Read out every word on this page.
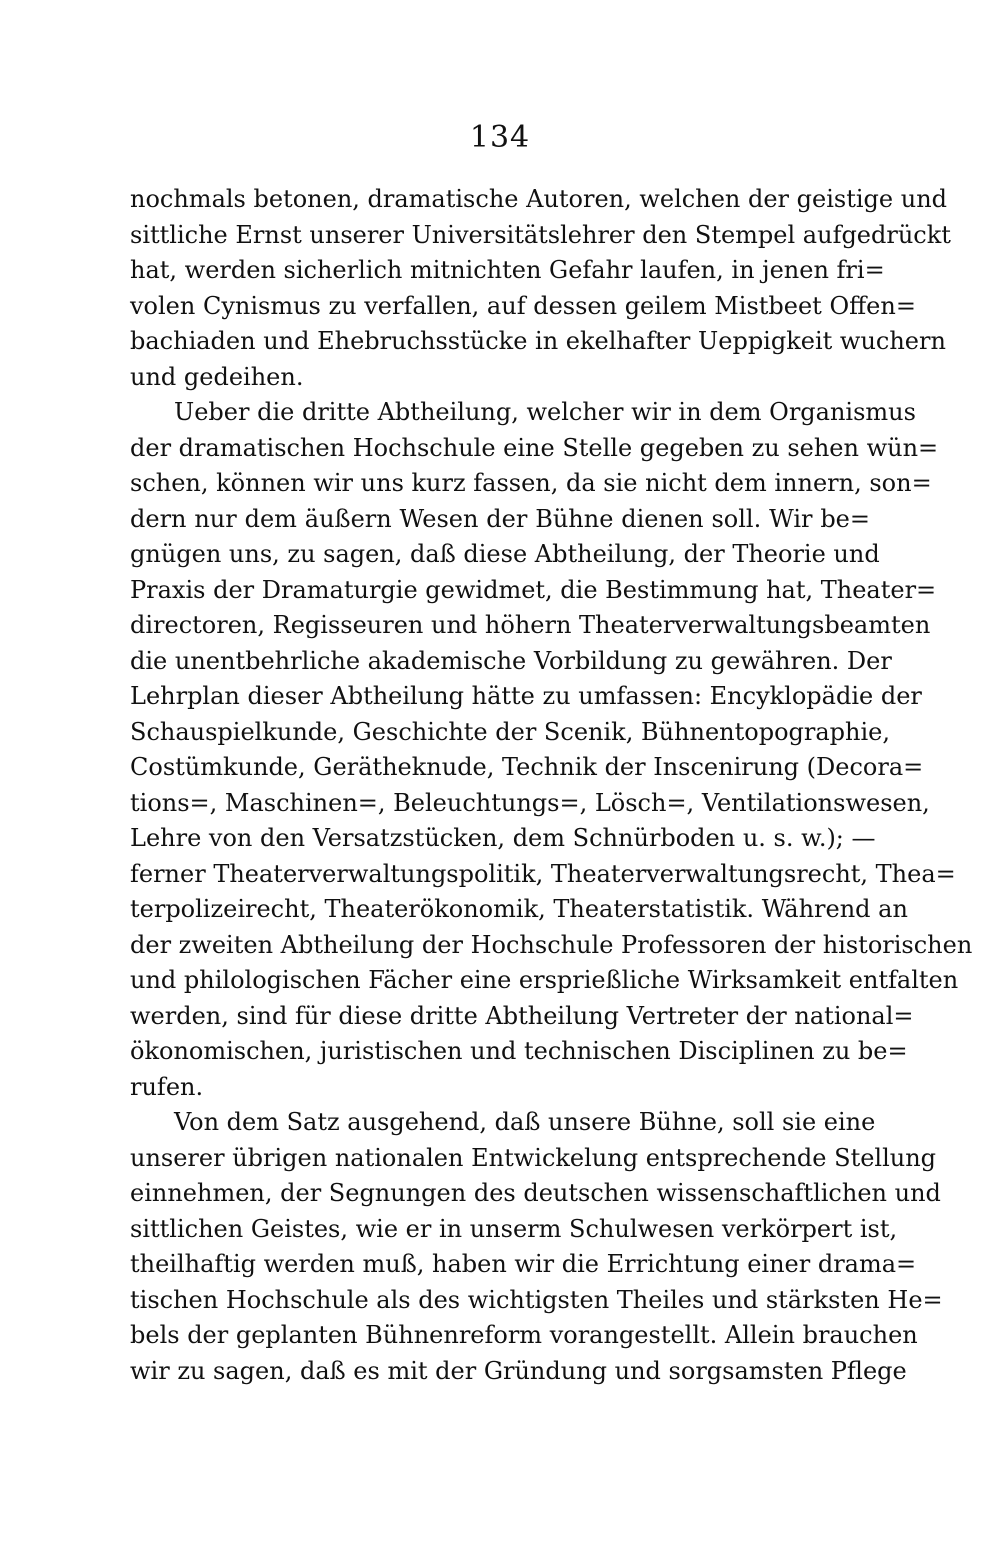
134
nochmals betonen, dramatische Autoren, welchen der geistige und
sittliche Ernst unserer Universitätslehrer den Stempel aufgedrückt
hat, werden sicherlich mitnichten Gefahr laufen, in jenen fri=
volen Cynismus zu verfallen, auf dessen geilem Mistbeet Offen=
bachiaden und Ehebruchsstücke in ekelhafter Ueppigkeit wuchern
und gedeihen.
Ueber die dritte Abtheilung, welcher wir in dem Organismus
der dramatischen Hochschule eine Stelle gegeben zu sehen wün=
schen, können wir uns kurz fassen, da sie nicht dem innern, son=
dern nur dem äußern Wesen der Bühne dienen soll. Wir be=
gnügen uns, zu sagen, daß diese Abtheilung, der Theorie und
Praxis der Dramaturgie gewidmet, die Bestimmung hat, Theater=
directoren, Regisseuren und höhern Theaterverwaltungsbeamten
die unentbehrliche akademische Vorbildung zu gewähren. Der
Lehrplan dieser Abtheilung hätte zu umfassen: Encyklopädie der
Schauspielkunde, Geschichte der Scenik, Bühnentopographie,
Costümkunde, Gerätheknude, Technik der Inscenirung (Decora=
tions=, Maschinen=, Beleuchtungs=, Lösch=, Ventilationswesen,
Lehre von den Versatzstücken, dem Schnürboden u. s. w.); —
ferner Theaterverwaltungspolitik, Theaterverwaltungsrecht, Thea=
terpolizeirecht, Theaterökonomik, Theaterstatistik. Während an
der zweiten Abtheilung der Hochschule Professoren der historischen
und philologischen Fächer eine ersprießliche Wirksamkeit entfalten
werden, sind für diese dritte Abtheilung Vertreter der national=
ökonomischen, juristischen und technischen Disciplinen zu be=
rufen.
Von dem Satz ausgehend, daß unsere Bühne, soll sie eine
unserer übrigen nationalen Entwickelung entsprechende Stellung
einnehmen, der Segnungen des deutschen wissenschaftlichen und
sittlichen Geistes, wie er in unserm Schulwesen verkörpert ist,
theilhaftig werden muß, haben wir die Errichtung einer drama=
tischen Hochschule als des wichtigsten Theiles und stärksten He=
bels der geplanten Bühnenreform vorangestellt. Allein brauchen
wir zu sagen, daß es mit der Gründung und sorgsamsten Pflege
